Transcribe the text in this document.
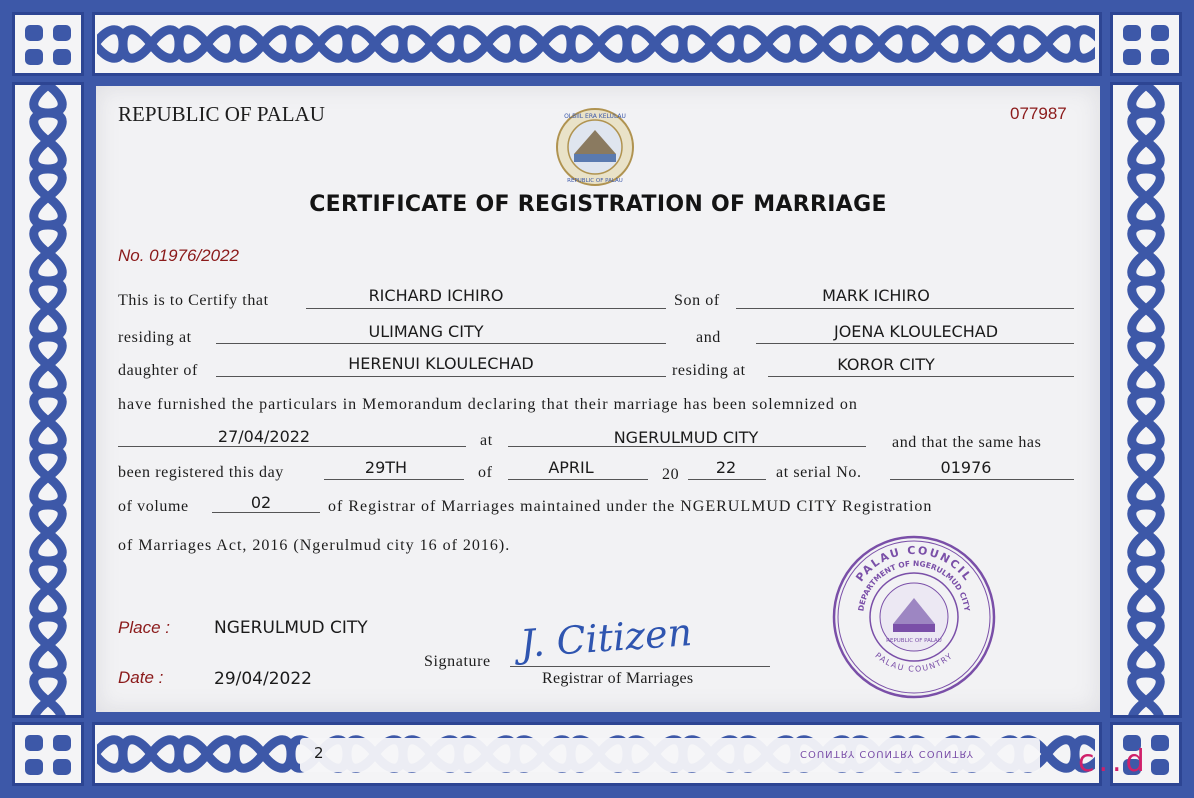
2	COUNTRY COUNTRY COUNTRY	c..d
REPUBLIC OF PALAU	077987
OLBIIL ERA KELULAU
REPUBLIC OF PALAU
CERTIFICATE OF REGISTRATION OF MARRIAGE
No. 01976/2022
This is to Certify that	RICHARD ICHIRO	Son of	MARK ICHIRO
residing at	ULIMANG CITY	and	JOENA KLOULECHAD
daughter of	HERENUI KLOULECHAD	residing at	KOROR CITY
have furnished the particulars in Memorandum declaring that their marriage has been solemnized on
27/04/2022	at	NGERULMUD CITY	and that the same has
been registered this day	29TH	of	APRIL	20	22	at serial No.	01976
of volume	02	of Registrar of Marriages maintained under the NGERULMUD CITY Registration
of Marriages Act, 2016 (Ngerulmud city 16 of 2016).
Place :	NGERULMUD CITY
Date :	29/04/2022
Signature J. Citizen
Registrar of Marriages
PALAU COUNCIL
DEPARTMENT OF NGERULMUD CITY
PALAU COUNTRY
REPUBLIC OF PALAU
